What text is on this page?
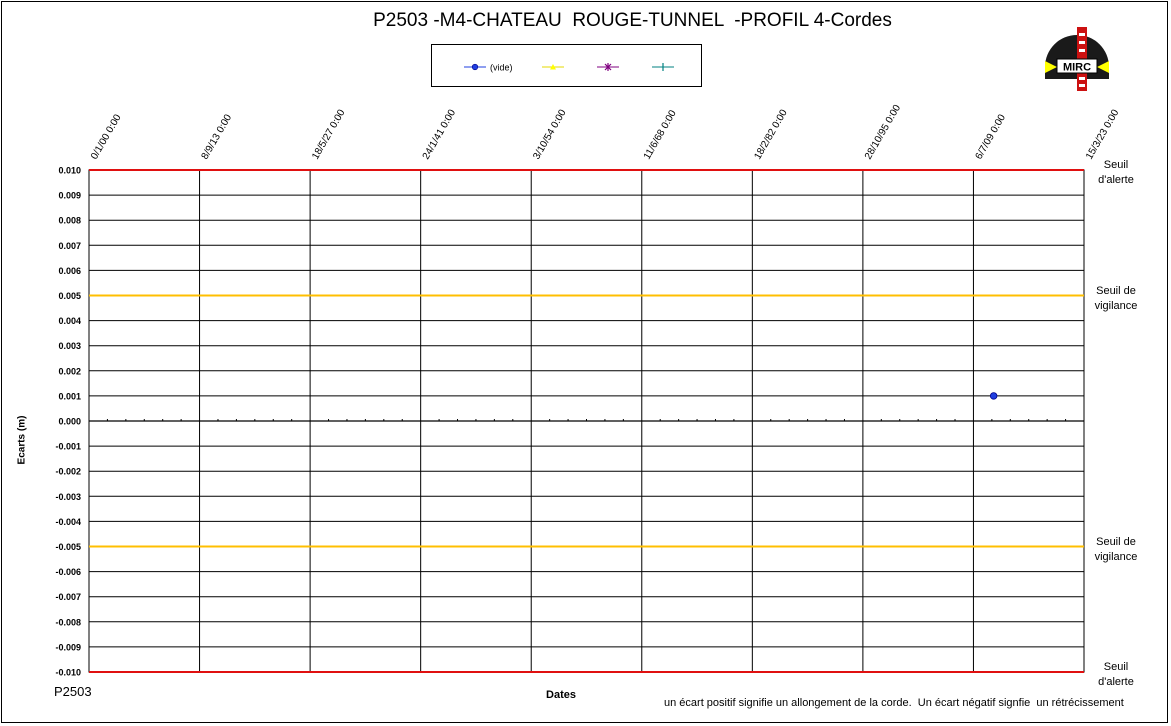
P2503 -M4-CHATEAU  ROUGE-TUNNEL  -PROFIL 4-Cordes
(vide)	MIRC
0.010
0.009
0.008
0.007
0.006
0.005
0.004
0.003
0.002
0.001
0.000
-0.001
-0.002
-0.003
-0.004
-0.005
-0.006
-0.007
-0.008
-0.009
-0.010
0/1/00 0:00	8/9/13 0:00	18/5/27 0:00	24/1/41 0:00	3/10/54 0:00	11/6/68 0:00	18/2/82 0:00	28/10/95 0:00	6/7/09 0:00	15/3/23 0:00
Seuil
d'alerte
Seuil de
vigilance
Seuil de
vigilance
Seuil
d'alerte
Ecarts (m)
Dates
P2503
un écart positif signifie un allongement de la corde.  Un écart négatif signfie  un rétrécissement
